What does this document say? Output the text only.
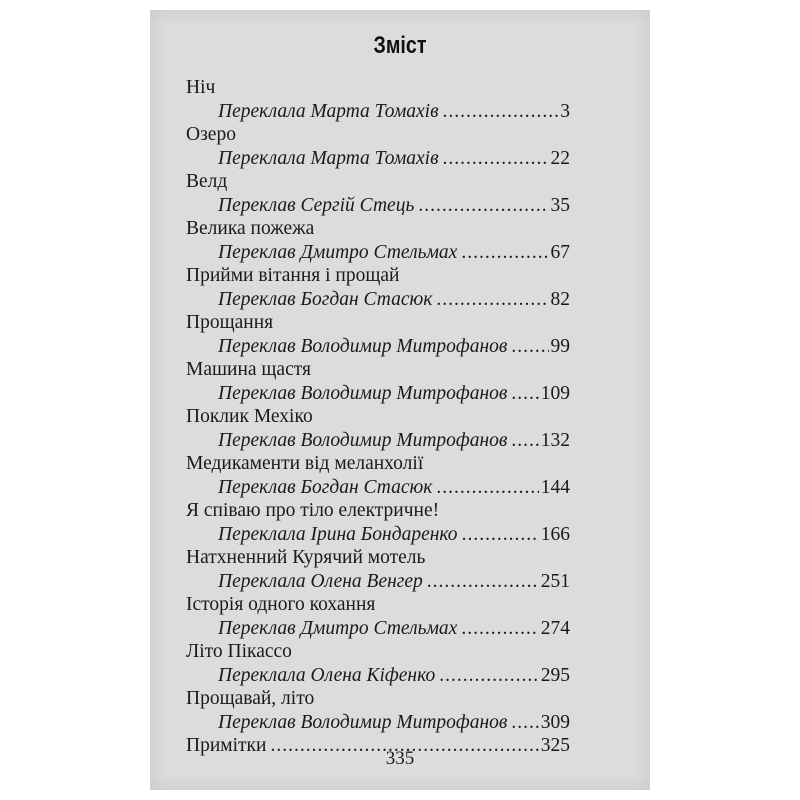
Зміст
Ніч
Переклала Марта Томахів .....	3
Озеро
Переклала Марта Томахів .....	22
Велд
Переклав Сергій Стець .....	35
Велика пожежа
Переклав Дмитро Стельмах .....	67
Прийми вітання і прощай
Переклав Богдан Стасюк .....	82
Прощання
Переклав Володимир Митрофанов ..... 99
Машина щастя
Переклав Володимир Митрофанов ..... 109
Поклик Мехіко
Переклав Володимир Митрофанов ..... 132
Медикаменти від меланхолії
Переклав Богдан Стасюк .....	144
Я співаю про тіло електричне!
Переклала Ірина Бондаренко .....	166
Натхненний Курячий мотель
Переклала Олена Венгер .....	251
Історія одного кохання
Переклав Дмитро Стельмах .....	274
Літо Пікассо
Переклала Олена Кіфенко .....	295
Прощавай, літо
Переклав Володимир Митрофанов ..... 309
Примітки .....	325
335
